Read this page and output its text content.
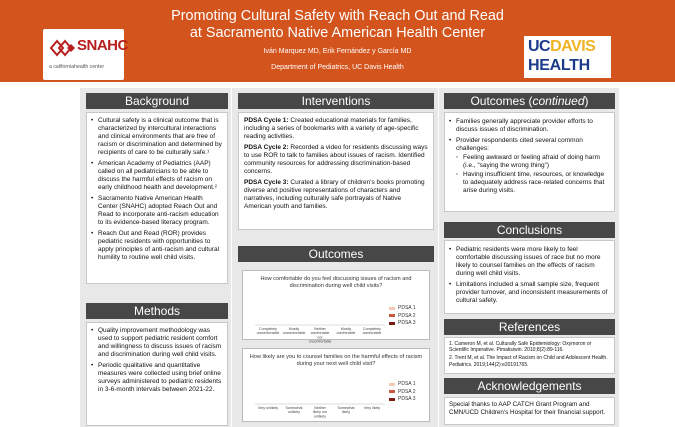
Promoting Cultural Safety with Reach Out and Read
at Sacramento Native American Health Center
Iván Marquez MD, Erik Fernández y García MD
Department of Pediatrics, UC Davis Health
SNAHC
a californiahealth center
UCDAVIS
HEALTH
Background
• Cultural safety is a clinical outcome that is characterized by intercultural interactions and clinical environments that are free of racism or discrimination and determined by recipients of care to be culturally safe.¹
• American Academy of Pediatrics (AAP) called on all pediatricians to be able to discuss the harmful effects of racism on early childhood health and development.²
• Sacramento Native American Health Center (SNAHC) adopted Reach Out and Read to incorporate anti-racism education to its evidence-based literacy program.
• Reach Out and Read (ROR) provides pediatric residents with opportunities to apply principles of anti-racism and cultural humility to routine well child visits.
Methods
• Quality improvement methodology was used to support pediatric resident comfort and willingness to discuss issues of racism and discrimination during well child visits.
• Periodic qualitative and quantitative measures were collected using brief online surveys administered to pediatric residents in 3-6-month intervals between 2021-22.
Interventions
PDSA Cycle 1: Created educational materials for families, including a series of bookmarks with a variety of age-specific reading activities.
PDSA Cycle 2: Recorded a video for residents discussing ways to use ROR to talk to families about issues of racism. Identified community resources for addressing discrimination-based concerns.
PDSA Cycle 3: Curated a library of children's books promoting diverse and positive representations of characters and narratives, including culturally safe portrayals of Native American youth and families.
Outcomes
How comfortable do you feel discussing issues of racism and discrimination during well child visits?
Completely uncomfortable
Mostly uncomfortable
Neither comfortable nor uncomfortable
Mostly comfortable
Completely comfortable
PDSA 1
PDSA 2
PDSA 3
How likely are you to counsel families on the harmful effects of racism during your next well child visit?
Very unlikely Somewhat unlikely
Neither likely nor unlikely
Somewhat likely
Very likely
PDSA 1
PDSA 2
PDSA 3
Outcomes (continued)
• Families generally appreciate provider efforts to discuss issues of discrimination.
• Provider respondents cited several common challenges:
◦ Feeling awkward or feeling afraid of doing harm (i.e., “saying the wrong thing”)
◦ Having insufficient time, resources, or knowledge to adequately address race-related concerns that arise during visits.
Conclusions
• Pediatric residents were more likely to feel comfortable discussing issues of race but no more likely to counsel families on the effects of racism during well child visits.
• Limitations included a small sample size, frequent provider turnover, and inconsistent measurements of cultural safety.
References
1. Cameron M, et al. Culturally Safe Epidemiology: Oxymoron or Scientific Imperative. Pimatisiwin. 2010;8(2):89-116.
2. Trent M, et al. The Impact of Racism on Child and Adolescent Health. Pediatrics. 2019;144(2):e20191765.
Acknowledgements
Special thanks to AAP CATCH Grant Program and CMN/UCD Children's Hospital for their financial support.
